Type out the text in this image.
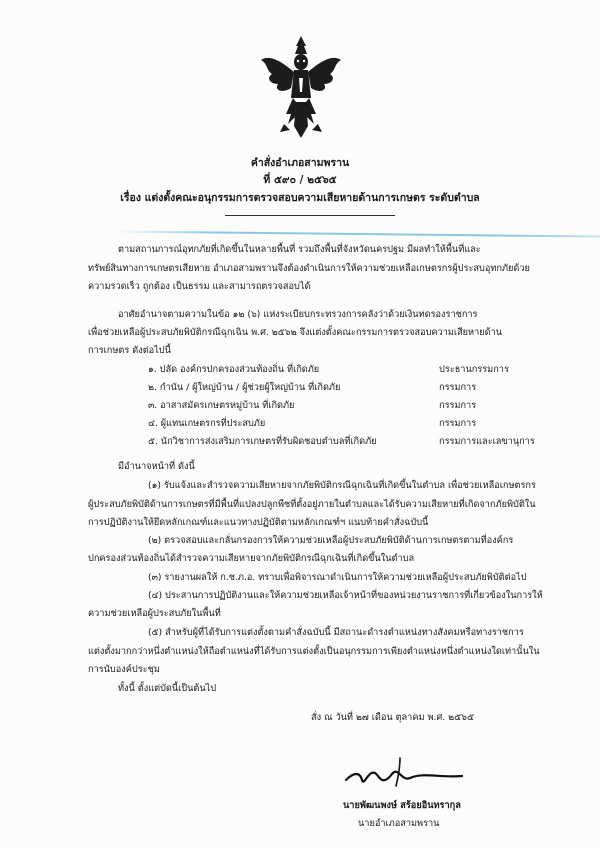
คำสั่งอำเภอสามพราน
ที่ ๕๙๐ / ๒๕๖๕
เรื่อง แต่งตั้งคณะอนุกรรมการตรวจสอบความเสียหายด้านการเกษตร ระดับตำบล
ตามสถานการณ์อุทกภัยที่เกิดขึ้นในหลายพื้นที่ รวมถึงพื้นที่จังหวัดนครปฐม มีผลทำให้พื้นที่และ
ทรัพย์สินทางการเกษตรเสียหาย อำเภอสามพรานจึงต้องดำเนินการให้ความช่วยเหลือเกษตรกรผู้ประสบอุทกภัยด้วย
ความรวดเร็ว ถูกต้อง เป็นธรรม และสามารถตรวจสอบได้
อาศัยอำนาจตามความในข้อ ๑๒ (๖) แห่งระเบียบกระทรวงการคลังว่าด้วยเงินทดรองราชการ
เพื่อช่วยเหลือผู้ประสบภัยพิบัติกรณีฉุกเฉิน พ.ศ. ๒๕๖๒ จึงแต่งตั้งคณะกรรมการตรวจสอบความเสียหายด้าน
การเกษตร ดังต่อไปนี้
๑. ปลัด องค์กรปกครองส่วนท้องถิ่น ที่เกิดภัย	ประธานกรรมการ
๒. กำนัน / ผู้ใหญ่บ้าน / ผู้ช่วยผู้ใหญ่บ้าน ที่เกิดภัย	กรรมการ
๓. อาสาสมัครเกษตรหมู่บ้าน ที่เกิดภัย	กรรมการ
๔. ผู้แทนเกษตรกรที่ประสบภัย	กรรมการ
๕. นักวิชาการส่งเสริมการเกษตรที่รับผิดชอบตำบลที่เกิดภัย	กรรมการและเลขานุการ
มีอำนาจหน้าที่ ดังนี้
(๑) รับแจ้งและสำรวจความเสียหายจากภัยพิบัติกรณีฉุกเฉินที่เกิดขึ้นในตำบล เพื่อช่วยเหลือเกษตรกร
ผู้ประสบภัยพิบัติด้านการเกษตรที่มีพื้นที่แปลงปลูกพืชที่ตั้งอยู่ภายในตำบลและได้รับความเสียหายที่เกิดจากภัยพิบัติใน
การปฏิบัติงานให้ยึดหลักเกณฑ์และแนวทางปฏิบัติตามหลักเกณฑ์ฯ แนบท้ายคำสั่งฉบับนี้
(๒) ตรวจสอบและกลั่นกรองการให้ความช่วยเหลือผู้ประสบภัยพิบัติด้านการเกษตรตามที่องค์กร
ปกครองส่วนท้องถิ่นได้สำรวจความเสียหายจากภัยพิบัติกรณีฉุกเฉินที่เกิดขึ้นในตำบล
(๓) รายงานผลให้ ก.ช.ภ.อ. ทราบเพื่อพิจารณาดำเนินการให้ความช่วยเหลือผู้ประสบภัยพิบัติต่อไป
(๔) ประสานการปฏิบัติงานและให้ความช่วยเหลือเจ้าหน้าที่ของหน่วยงานราชการที่เกี่ยวข้องในการให้
ความช่วยเหลือผู้ประสบภัยในพื้นที่
(๕) สำหรับผู้ที่ได้รับการแต่งตั้งตามคำสั่งฉบับนี้ มีสถานะดำรงตำแหน่งทางสังคมหรือทางราชการ
แต่งตั้งมากกว่าหนึ่งตำแหน่งให้ถือตำแหน่งที่ได้รับการแต่งตั้งเป็นอนุกรรมการเพียงตำแหน่งหนึ่งตำแหน่งใดเท่านั้นใน
การนับองค์ประชุม
ทั้งนี้ ตั้งแต่บัดนี้เป็นต้นไป
สั่ง ณ วันที่ ๒๗ เดือน ตุลาคม พ.ศ. ๒๕๖๕
นายพัฒนพงษ์ สร้อยอินทรากุล
นายอำเภอสามพราน
